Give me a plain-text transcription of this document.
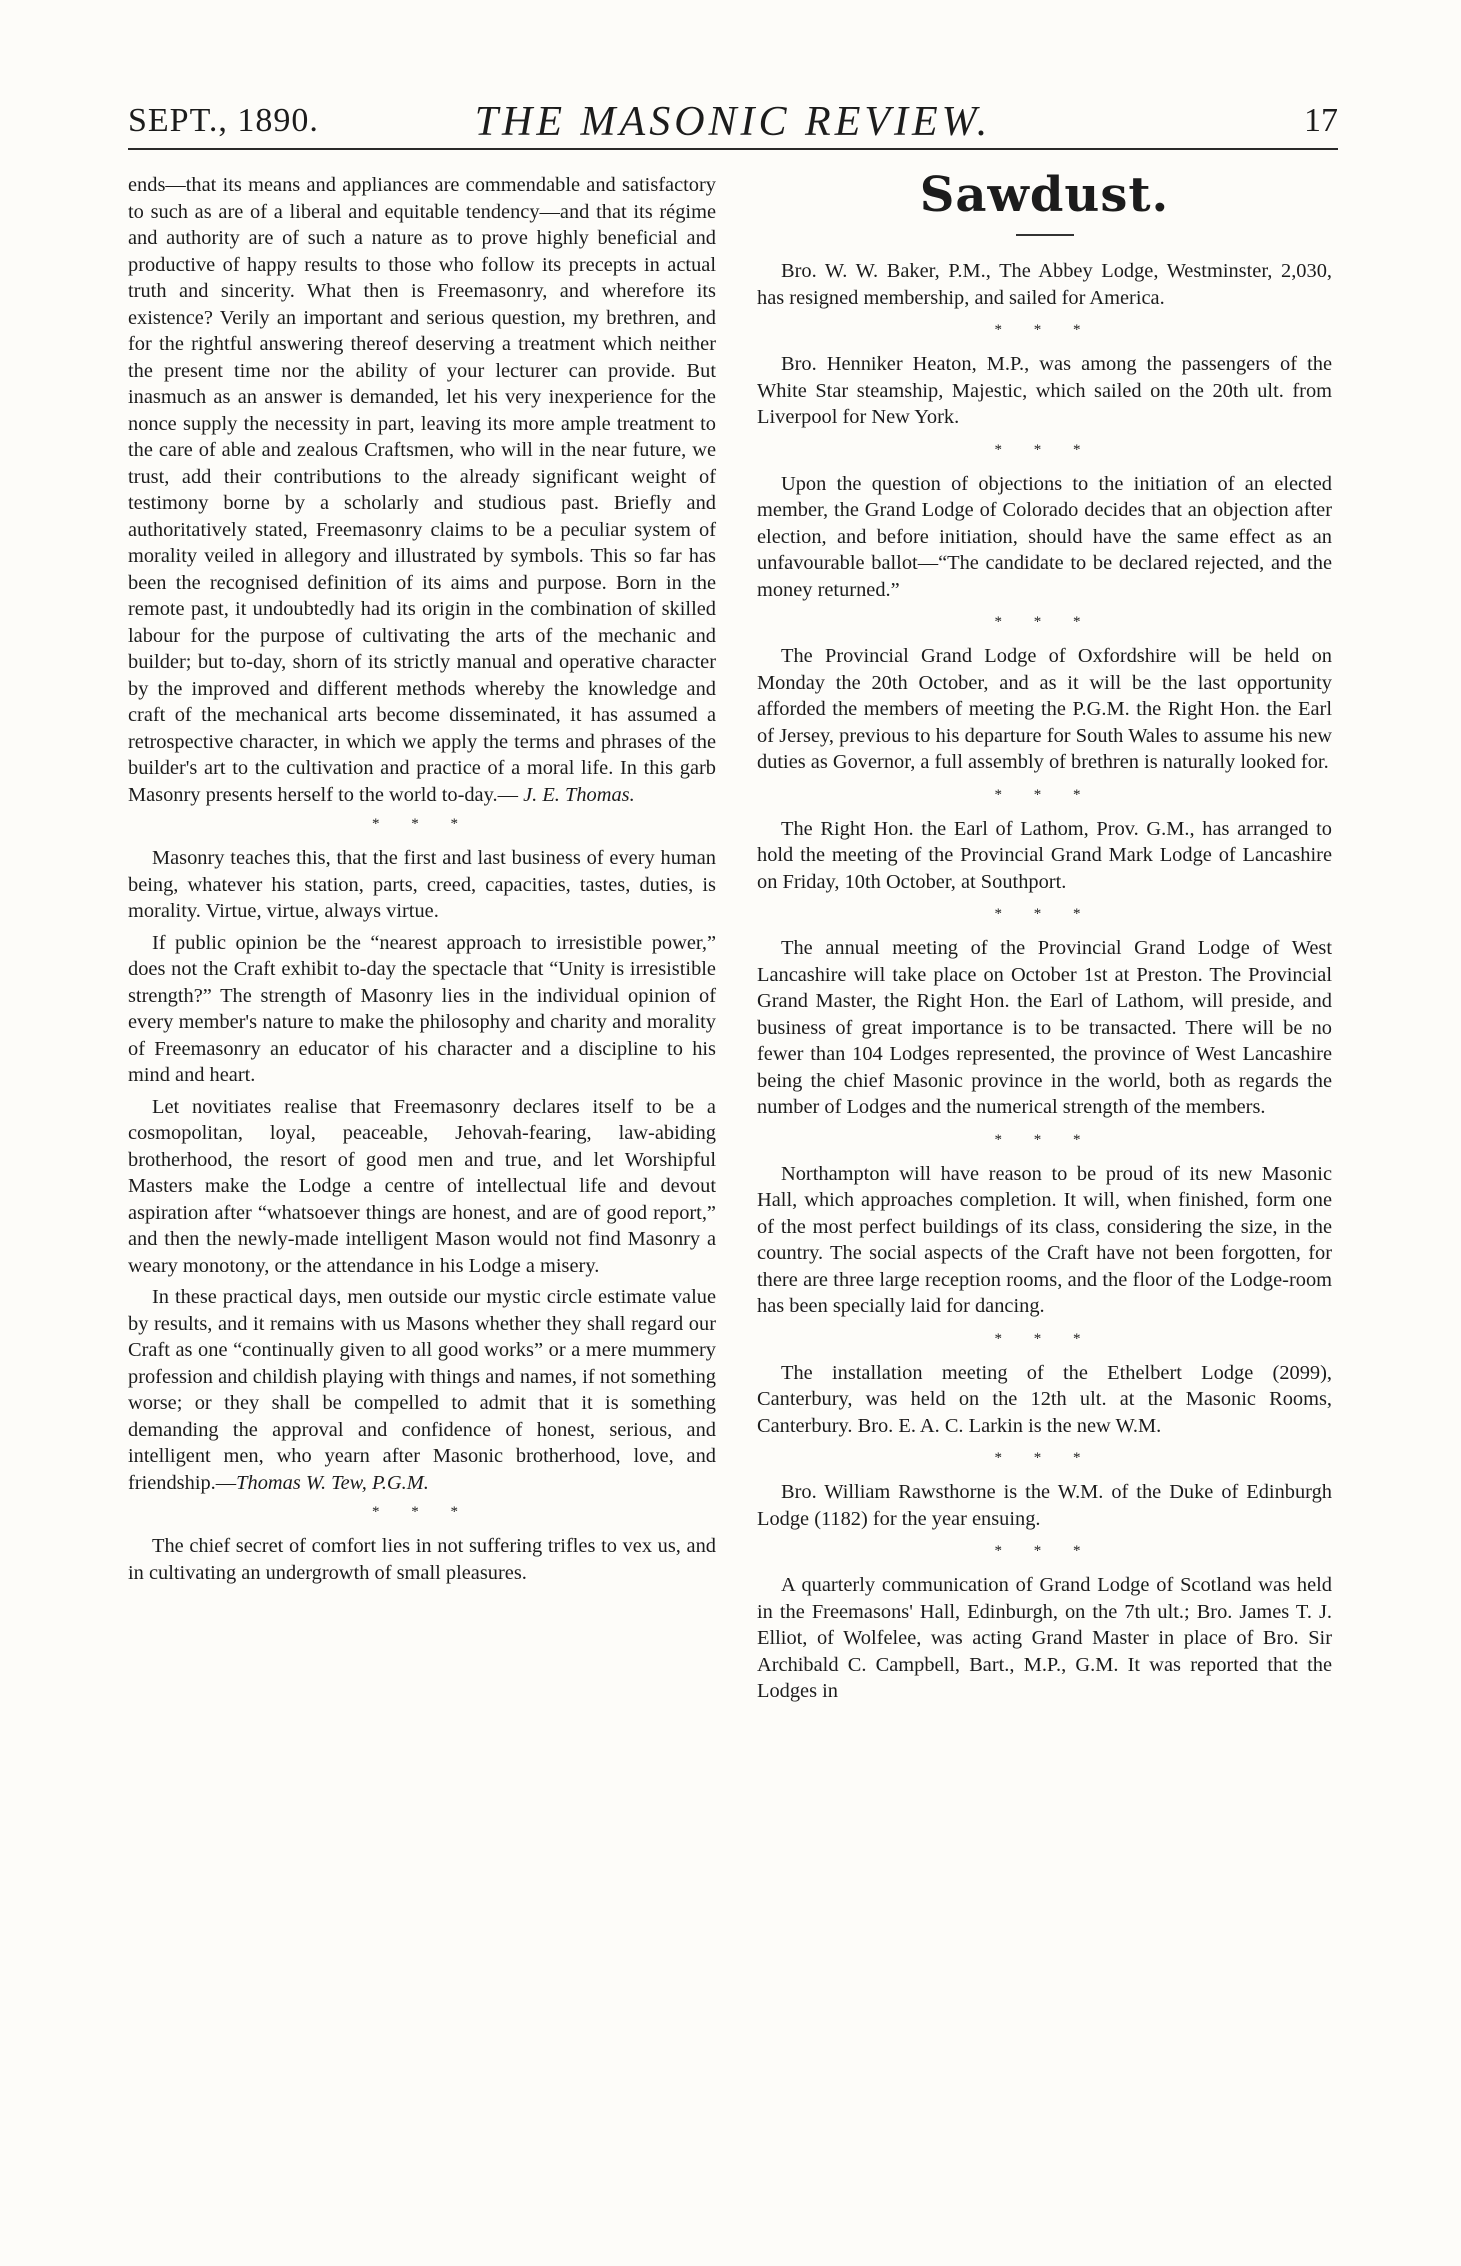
SEPT., 1890.	THE MASONIC REVIEW.	17

ends—that its means and appliances are commendable and satisfactory to such as are of a liberal and equitable tendency—and that its régime and authority are of such a nature as to prove highly beneficial and productive of happy results to those who follow its precepts in actual truth and sincerity. What then is Freemasonry, and wherefore its existence? Verily an important and serious question, my brethren, and for the rightful answering thereof deserving a treatment which neither the present time nor the ability of your lecturer can provide. But inasmuch as an answer is demanded, let his very inexperience for the nonce supply the necessity in part, leaving its more ample treatment to the care of able and zealous Craftsmen, who will in the near future, we trust, add their contributions to the already significant weight of testimony borne by a scholarly and studious past. Briefly and authoritatively stated, Freemasonry claims to be a peculiar system of morality veiled in allegory and illustrated by symbols. This so far has been the recognised definition of its aims and purpose. Born in the remote past, it undoubtedly had its origin in the combination of skilled labour for the purpose of cultivating the arts of the mechanic and builder; but to-day, shorn of its strictly manual and operative character by the improved and different methods whereby the knowledge and craft of the mechanical arts become disseminated, it has assumed a retrospective character, in which we apply the terms and phrases of the builder's art to the cultivation and practice of a moral life. In this garb Masonry presents herself to the world to-day.— J. E. Thomas.

* * *

Masonry teaches this, that the first and last business of every human being, whatever his station, parts, creed, capacities, tastes, duties, is morality. Virtue, virtue, always virtue.

If public opinion be the “nearest approach to irresistible power,” does not the Craft exhibit to-day the spectacle that “Unity is irresistible strength?” The strength of Masonry lies in the individual opinion of every member's nature to make the philosophy and charity and morality of Freemasonry an educator of his character and a discipline to his mind and heart.

Let novitiates realise that Freemasonry declares itself to be a cosmopolitan, loyal, peaceable, Jehovah-fearing, law-abiding brotherhood, the resort of good men and true, and let Worshipful Masters make the Lodge a centre of intellectual life and devout aspiration after “whatsoever things are honest, and are of good report,” and then the newly-made intelligent Mason would not find Masonry a weary monotony, or the attendance in his Lodge a misery.

In these practical days, men outside our mystic circle estimate value by results, and it remains with us Masons whether they shall regard our Craft as one “continually given to all good works” or a mere mummery profession and childish playing with things and names, if not something worse; or they shall be compelled to admit that it is something demanding the approval and confidence of honest, serious, and intelligent men, who yearn after Masonic brotherhood, love, and friendship.—Thomas W. Tew, P.G.M.

* * *

The chief secret of comfort lies in not suffering trifles to vex us, and in cultivating an undergrowth of small pleasures.

Sawdust.

Bro. W. W. Baker, P.M., The Abbey Lodge, Westminster, 2,030, has resigned membership, and sailed for America.

* * *

Bro. Henniker Heaton, M.P., was among the passengers of the White Star steamship, Majestic, which sailed on the 20th ult. from Liverpool for New York.

* * *

Upon the question of objections to the initiation of an elected member, the Grand Lodge of Colorado decides that an objection after election, and before initiation, should have the same effect as an unfavourable ballot—“The candidate to be declared rejected, and the money returned.”

* * *

The Provincial Grand Lodge of Oxfordshire will be held on Monday the 20th October, and as it will be the last opportunity afforded the members of meeting the P.G.M. the Right Hon. the Earl of Jersey, previous to his departure for South Wales to assume his new duties as Governor, a full assembly of brethren is naturally looked for.

* * *

The Right Hon. the Earl of Lathom, Prov. G.M., has arranged to hold the meeting of the Provincial Grand Mark Lodge of Lancashire on Friday, 10th October, at Southport.

* * *

The annual meeting of the Provincial Grand Lodge of West Lancashire will take place on October 1st at Preston. The Provincial Grand Master, the Right Hon. the Earl of Lathom, will preside, and business of great importance is to be transacted. There will be no fewer than 104 Lodges represented, the province of West Lancashire being the chief Masonic province in the world, both as regards the number of Lodges and the numerical strength of the members.

* * *

Northampton will have reason to be proud of its new Masonic Hall, which approaches completion. It will, when finished, form one of the most perfect buildings of its class, considering the size, in the country. The social aspects of the Craft have not been forgotten, for there are three large reception rooms, and the floor of the Lodge-room has been specially laid for dancing.

* * *

The installation meeting of the Ethelbert Lodge (2099), Canterbury, was held on the 12th ult. at the Masonic Rooms, Canterbury. Bro. E. A. C. Larkin is the new W.M.

* * *

Bro. William Rawsthorne is the W.M. of the Duke of Edinburgh Lodge (1182) for the year ensuing.

* * *

A quarterly communication of Grand Lodge of Scotland was held in the Freemasons' Hall, Edinburgh, on the 7th ult.; Bro. James T. J. Elliot, of Wolfelee, was acting Grand Master in place of Bro. Sir Archibald C. Campbell, Bart., M.P., G.M. It was reported that the Lodges in
